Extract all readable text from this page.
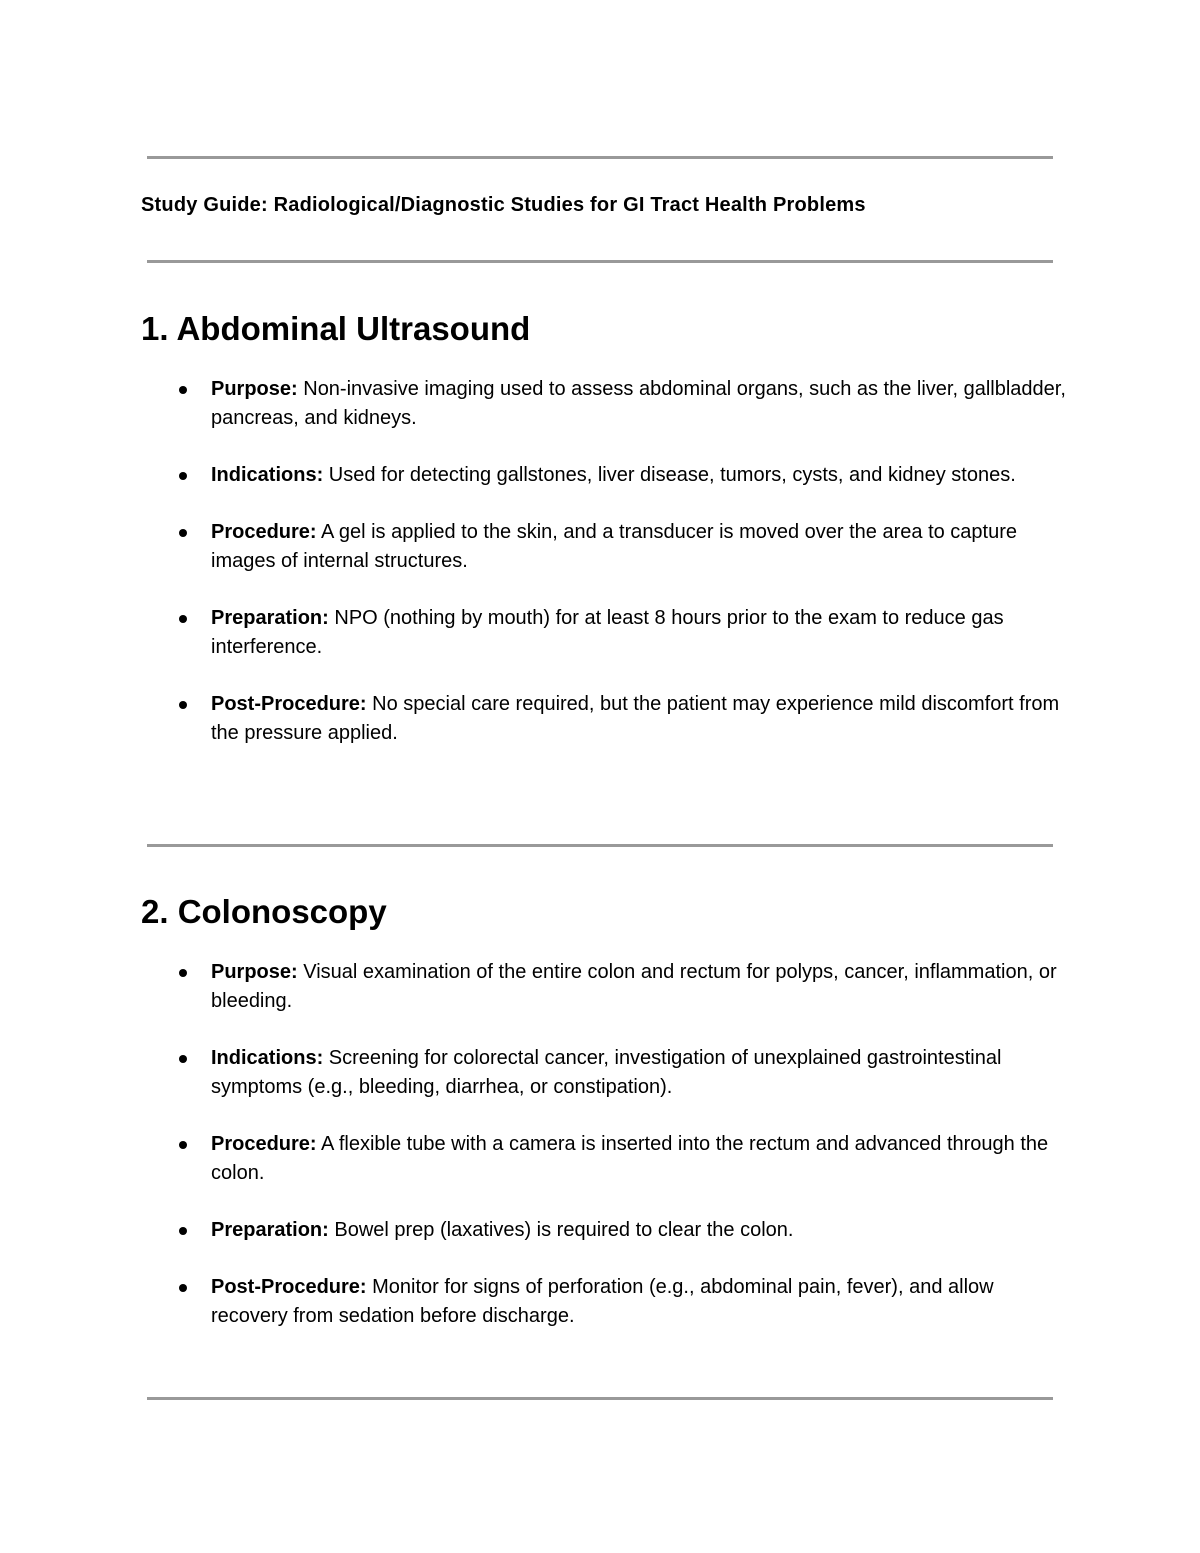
Study Guide: Radiological/Diagnostic Studies for GI Tract Health Problems
1. Abdominal Ultrasound
Purpose: Non-invasive imaging used to assess abdominal organs, such as the liver, gallbladder, pancreas, and kidneys.
Indications: Used for detecting gallstones, liver disease, tumors, cysts, and kidney stones.
Procedure: A gel is applied to the skin, and a transducer is moved over the area to capture images of internal structures.
Preparation: NPO (nothing by mouth) for at least 8 hours prior to the exam to reduce gas interference.
Post-Procedure: No special care required, but the patient may experience mild discomfort from the pressure applied.
2. Colonoscopy
Purpose: Visual examination of the entire colon and rectum for polyps, cancer, inflammation, or bleeding.
Indications: Screening for colorectal cancer, investigation of unexplained gastrointestinal symptoms (e.g., bleeding, diarrhea, or constipation).
Procedure: A flexible tube with a camera is inserted into the rectum and advanced through the colon.
Preparation: Bowel prep (laxatives) is required to clear the colon.
Post-Procedure: Monitor for signs of perforation (e.g., abdominal pain, fever), and allow recovery from sedation before discharge.
